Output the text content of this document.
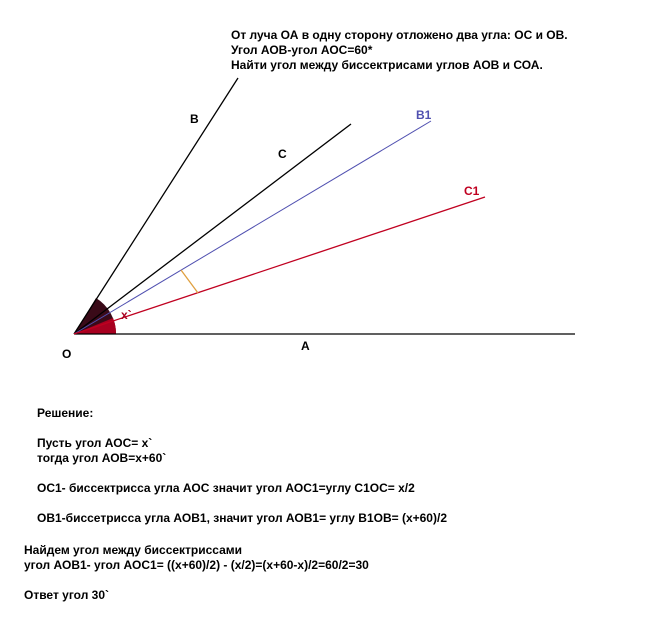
B
C
B1
C1
O
A
x`
От луча ОА в одну сторону отложено два угла: ОС и ОВ.
Угол АОВ-угол АОС=60*
Найти угол между биссектрисами углов АОВ и СОА.
Решение:
Пусть угол АОС= х`
тогда угол АОВ=х+60`
ОС1- биссектрисса угла АОС значит угол АОС1=углу С1ОС= х/2
ОВ1-биссетрисса угла АОВ1, значит угол АОВ1= углу В1ОВ= (х+60)/2
Найдем угол между биссектриссами
угол АОВ1- угол АОС1= ((х+60)/2) - (х/2)=(х+60-х)/2=60/2=30
Ответ угол 30`
